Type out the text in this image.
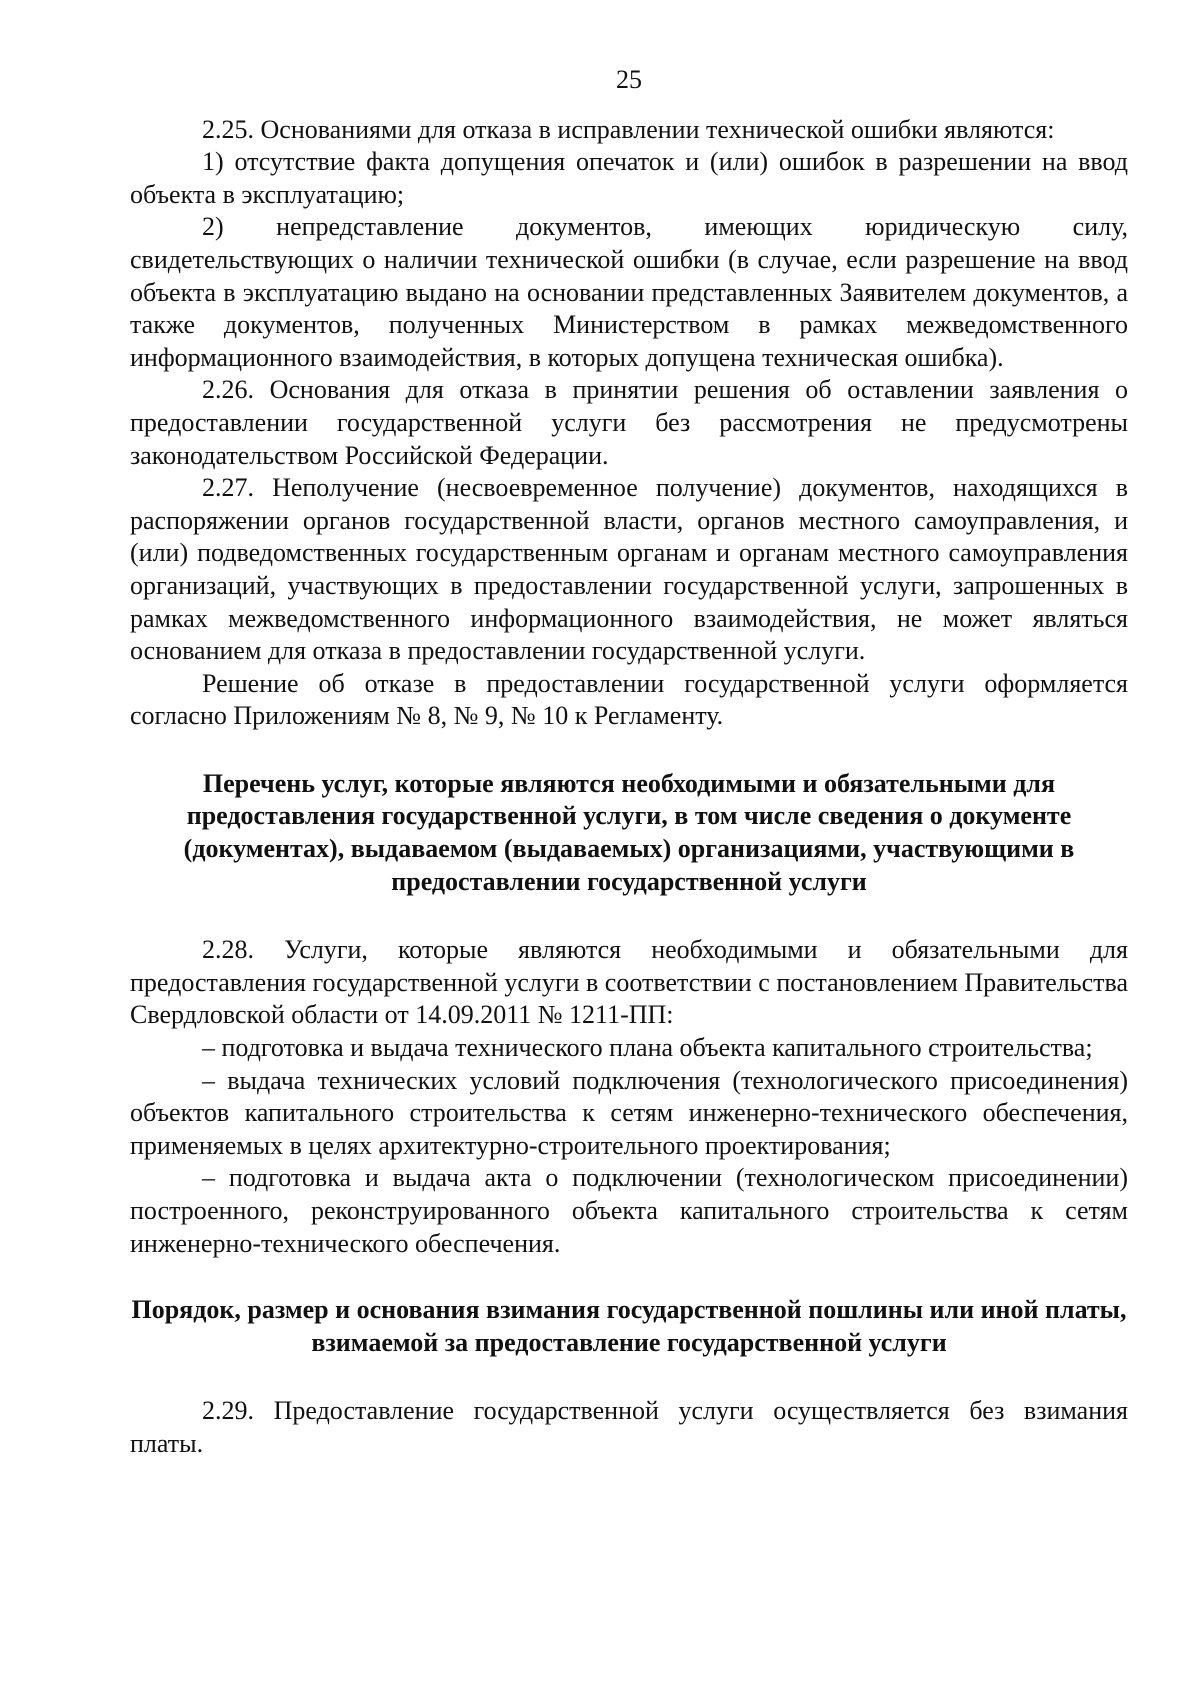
25

2.25. Основаниями для отказа в исправлении технической ошибки являются:

1) отсутствие факта допущения опечаток и (или) ошибок в разрешении на ввод объекта в эксплуатацию;

2) непредставление документов, имеющих юридическую силу, свидетельствующих о наличии технической ошибки (в случае, если разрешение на ввод объекта в эксплуатацию выдано на основании представленных Заявителем документов, а также документов, полученных Министерством в рамках межведомственного информационного взаимодействия, в которых допущена техническая ошибка).

2.26. Основания для отказа в принятии решения об оставлении заявления о предоставлении государственной услуги без рассмотрения не предусмотрены законодательством Российской Федерации.

2.27. Неполучение (несвоевременное получение) документов, находящихся в распоряжении органов государственной власти, органов местного самоуправления, и (или) подведомственных государственным органам и органам местного самоуправления организаций, участвующих в предоставлении государственной услуги, запрошенных в рамках межведомственного информационного взаимодействия, не может являться основанием для отказа в предоставлении государственной услуги.

Решение об отказе в предоставлении государственной услуги оформляется согласно Приложениям № 8, № 9, № 10 к Регламенту.

Перечень услуг, которые являются необходимыми и обязательными для предоставления государственной услуги, в том числе сведения о документе (документах), выдаваемом (выдаваемых) организациями, участвующими в предоставлении государственной услуги

2.28. Услуги, которые являются необходимыми и обязательными для предоставления государственной услуги в соответствии с постановлением Правительства Свердловской области от 14.09.2011 № 1211-ПП:

– подготовка и выдача технического плана объекта капитального строительства;

– выдача технических условий подключения (технологического присоединения) объектов капитального строительства к сетям инженерно-технического обеспечения, применяемых в целях архитектурно-строительного проектирования;

– подготовка и выдача акта о подключении (технологическом присоединении) построенного, реконструированного объекта капитального строительства к сетям инженерно-технического обеспечения.

Порядок, размер и основания взимания государственной пошлины или иной платы, взимаемой за предоставление государственной услуги

2.29. Предоставление государственной услуги осуществляется без взимания платы.
